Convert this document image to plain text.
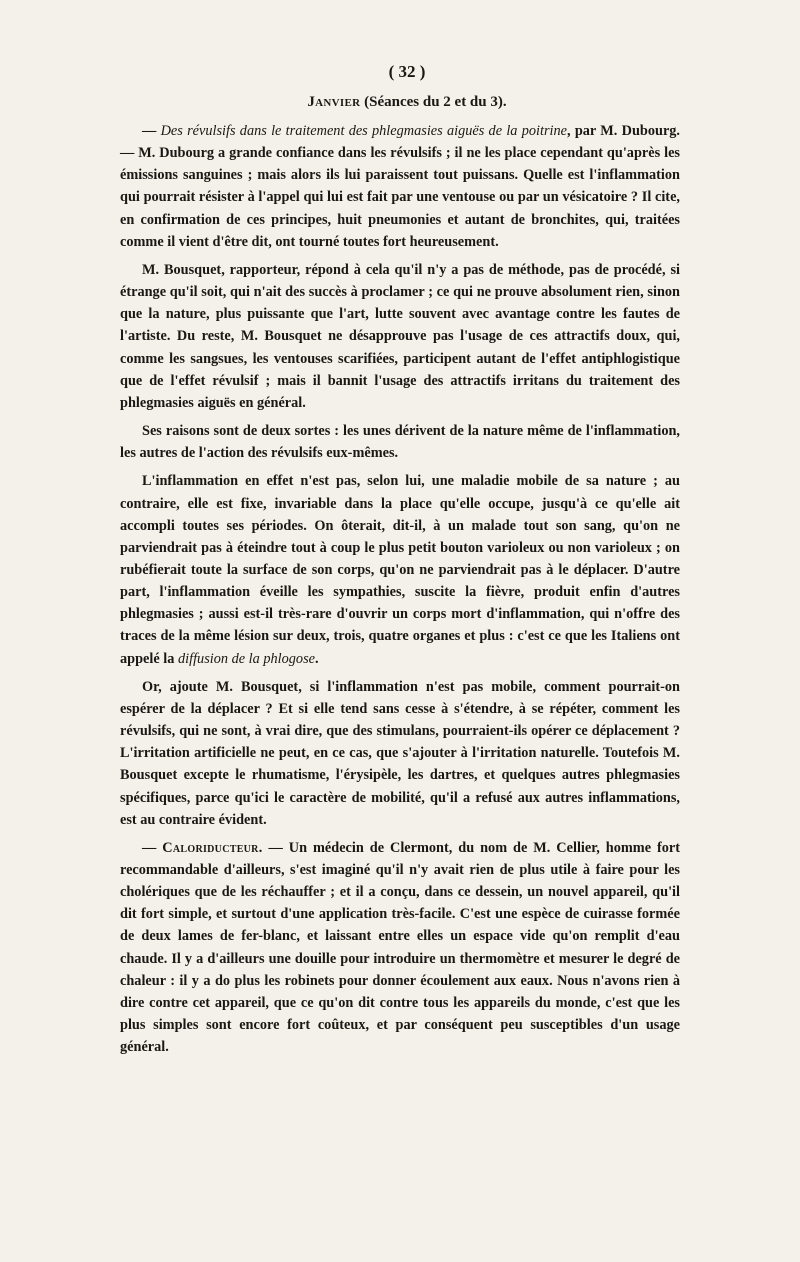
( 32 )
Janvier (Séances du 2 et du 3).

— Des révulsifs dans le traitement des phlegmasies aiguës de la poitrine, par M. Dubourg. — M. Dubourg a grande confiance dans les révulsifs ; il ne les place cependant qu'après les émissions sanguines ; mais alors ils lui paraissent tout puissans. Quelle est l'inflammation qui pourrait résister à l'appel qui lui est fait par une ventouse ou par un vésicatoire ? Il cite, en confirmation de ces principes, huit pneumonies et autant de bronchites, qui, traitées comme il vient d'être dit, ont tourné toutes fort heureusement.

M. Bousquet, rapporteur, répond à cela qu'il n'y a pas de méthode, pas de procédé, si étrange qu'il soit, qui n'ait des succès à proclamer ; ce qui ne prouve absolument rien, sinon que la nature, plus puissante que l'art, lutte souvent avec avantage contre les fautes de l'artiste. Du reste, M. Bousquet ne désapprouve pas l'usage de ces attractifs doux, qui, comme les sangsues, les ventouses scarifiées, participent autant de l'effet antiphlogistique que de l'effet révulsif ; mais il bannit l'usage des attractifs irritans du traitement des phlegmasies aiguës en général.

Ses raisons sont de deux sortes : les unes dérivent de la nature même de l'inflammation, les autres de l'action des révulsifs eux-mêmes.

L'inflammation en effet n'est pas, selon lui, une maladie mobile de sa nature ; au contraire, elle est fixe, invariable dans la place qu'elle occupe, jusqu'à ce qu'elle ait accompli toutes ses périodes. On ôterait, dit-il, à un malade tout son sang, qu'on ne parviendrait pas à éteindre tout à coup le plus petit bouton varioleux ou non varioleux ; on rubéfierait toute la surface de son corps, qu'on ne parviendrait pas à le déplacer. D'autre part, l'inflammation éveille les sympathies, suscite la fièvre, produit enfin d'autres phlegmasies ; aussi est-il très-rare d'ouvrir un corps mort d'inflammation, qui n'offre des traces de la même lésion sur deux, trois, quatre organes et plus : c'est ce que les Italiens ont appelé la diffusion de la phlogose.

Or, ajoute M. Bousquet, si l'inflammation n'est pas mobile, comment pourrait-on espérer de la déplacer ? Et si elle tend sans cesse à s'étendre, à se répéter, comment les révulsifs, qui ne sont, à vrai dire, que des stimulans, pourraient-ils opérer ce déplacement ? L'irritation artificielle ne peut, en ce cas, que s'ajouter à l'irritation naturelle. Toutefois M. Bousquet excepte le rhumatisme, l'érysipèle, les dartres, et quelques autres phlegmasies spécifiques, parce qu'ici le caractère de mobilité, qu'il a refusé aux autres inflammations, est au contraire évident.

— Caloriducteur. — Un médecin de Clermont, du nom de M. Cellier, homme fort recommandable d'ailleurs, s'est imaginé qu'il n'y avait rien de plus utile à faire pour les cholériques que de les réchauffer ; et il a conçu, dans ce dessein, un nouvel appareil, qu'il dit fort simple, et surtout d'une application très-facile. C'est une espèce de cuirasse formée de deux lames de fer-blanc, et laissant entre elles un espace vide qu'on remplit d'eau chaude. Il y a d'ailleurs une douille pour introduire un thermomètre et mesurer le degré de chaleur : il y a do plus les robinets pour donner écoulement aux eaux. Nous n'avons rien à dire contre cet appareil, que ce qu'on dit contre tous les appareils du monde, c'est que les plus simples sont encore fort coûteux, et par conséquent peu susceptibles d'un usage général.
